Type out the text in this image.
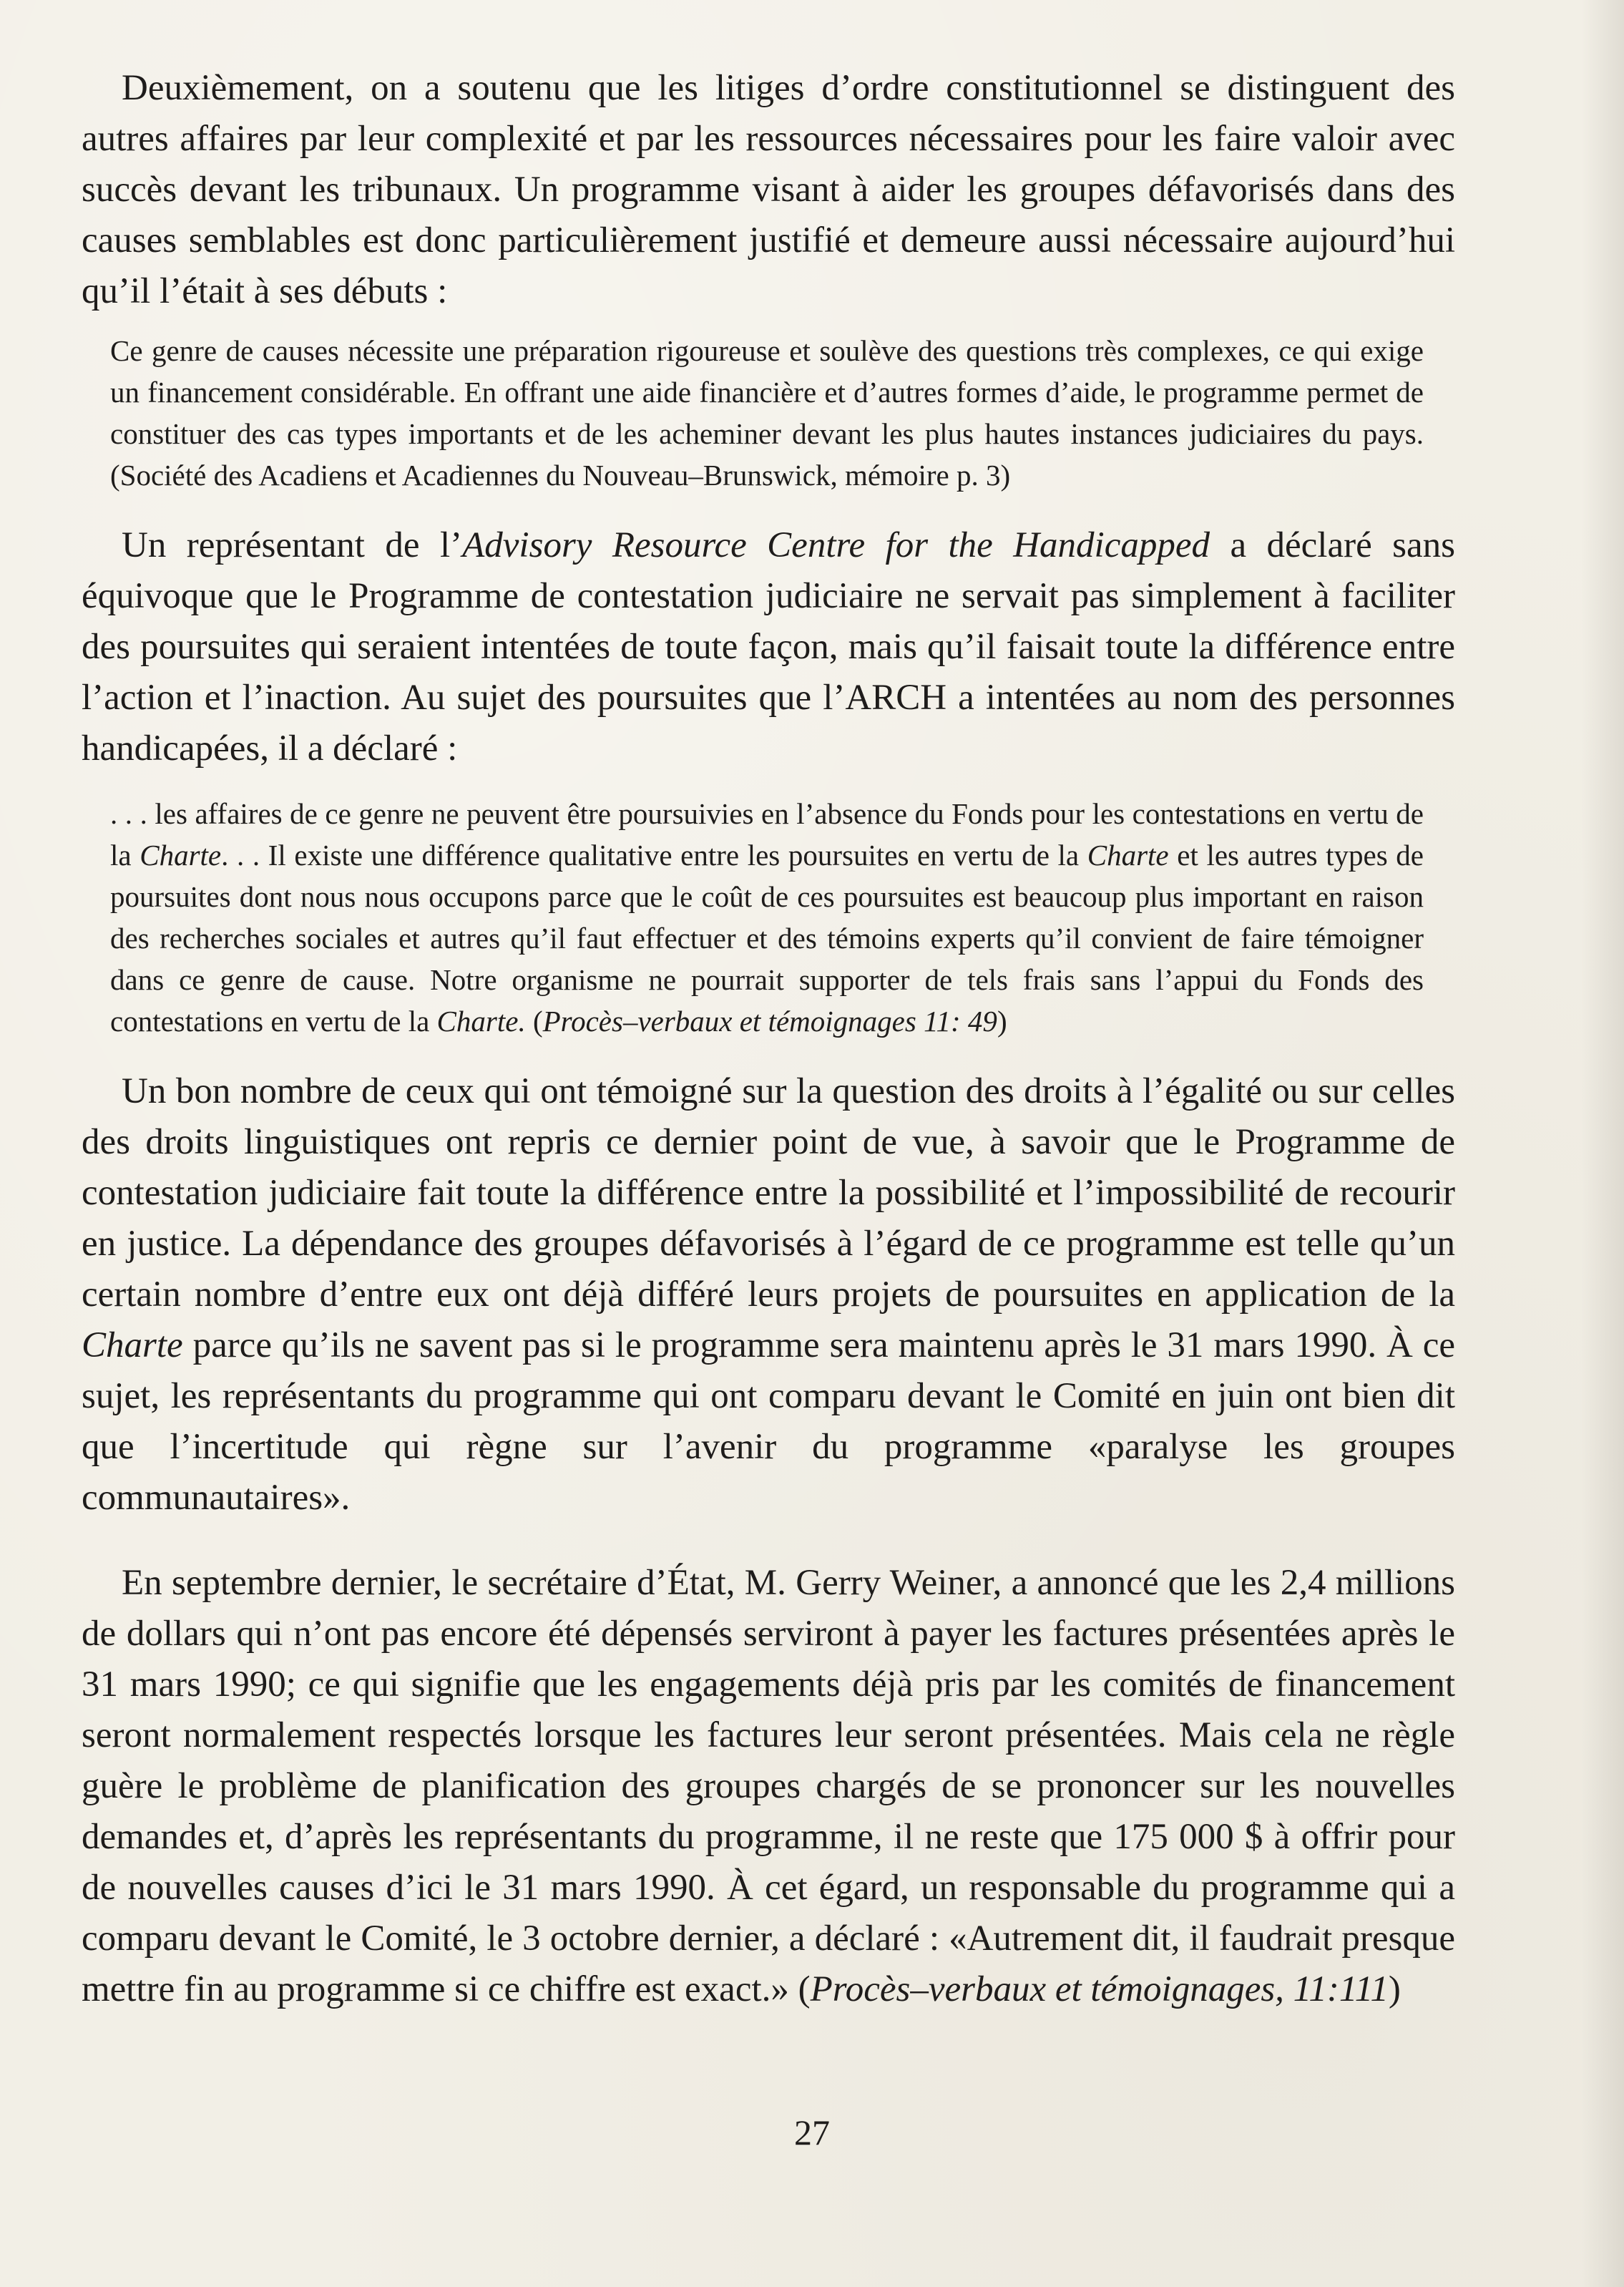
Deuxièmement, on a soutenu que les litiges d’ordre constitutionnel se distinguent des autres affaires par leur complexité et par les ressources nécessaires pour les faire valoir avec succès devant les tribunaux. Un programme visant à aider les groupes défavorisés dans des causes semblables est donc particulièrement justifié et demeure aussi nécessaire aujourd’hui qu’il l’était à ses débuts :

Ce genre de causes nécessite une préparation rigoureuse et soulève des questions très complexes, ce qui exige un financement considérable. En offrant une aide financière et d’autres formes d’aide, le programme permet de constituer des cas types importants et de les acheminer devant les plus hautes instances judiciaires du pays. (Société des Acadiens et Acadiennes du Nouveau–Brunswick, mémoire p. 3)

Un représentant de l’Advisory Resource Centre for the Handicapped a déclaré sans équivoque que le Programme de contestation judiciaire ne servait pas simplement à faciliter des poursuites qui seraient intentées de toute façon, mais qu’il faisait toute la différence entre l’action et l’inaction. Au sujet des poursuites que l’ARCH a intentées au nom des personnes handicapées, il a déclaré :

. . . les affaires de ce genre ne peuvent être poursuivies en l’absence du Fonds pour les contestations en vertu de la Charte. . . Il existe une différence qualitative entre les poursuites en vertu de la Charte et les autres types de poursuites dont nous nous occupons parce que le coût de ces poursuites est beaucoup plus important en raison des recherches sociales et autres qu’il faut effectuer et des témoins experts qu’il convient de faire témoigner dans ce genre de cause. Notre organisme ne pourrait supporter de tels frais sans l’appui du Fonds des contestations en vertu de la Charte. (Procès–verbaux et témoignages 11: 49)

Un bon nombre de ceux qui ont témoigné sur la question des droits à l’égalité ou sur celles des droits linguistiques ont repris ce dernier point de vue, à savoir que le Programme de contestation judiciaire fait toute la différence entre la possibilité et l’impossibilité de recourir en justice. La dépendance des groupes défavorisés à l’égard de ce programme est telle qu’un certain nombre d’entre eux ont déjà différé leurs projets de poursuites en application de la Charte parce qu’ils ne savent pas si le programme sera maintenu après le 31 mars 1990. À ce sujet, les représentants du programme qui ont comparu devant le Comité en juin ont bien dit que l’incertitude qui règne sur l’avenir du programme «paralyse les groupes communautaires».

En septembre dernier, le secrétaire d’État, M. Gerry Weiner, a annoncé que les 2,4 millions de dollars qui n’ont pas encore été dépensés serviront à payer les factures présentées après le 31 mars 1990; ce qui signifie que les engagements déjà pris par les comités de financement seront normalement respectés lorsque les factures leur seront présentées. Mais cela ne règle guère le problème de planification des groupes chargés de se prononcer sur les nouvelles demandes et, d’après les représentants du programme, il ne reste que 175 000 $ à offrir pour de nouvelles causes d’ici le 31 mars 1990. À cet égard, un responsable du programme qui a comparu devant le Comité, le 3 octobre dernier, a déclaré : «Autrement dit, il faudrait presque mettre fin au programme si ce chiffre est exact.» (Procès–verbaux et témoignages, 11:111)

27
